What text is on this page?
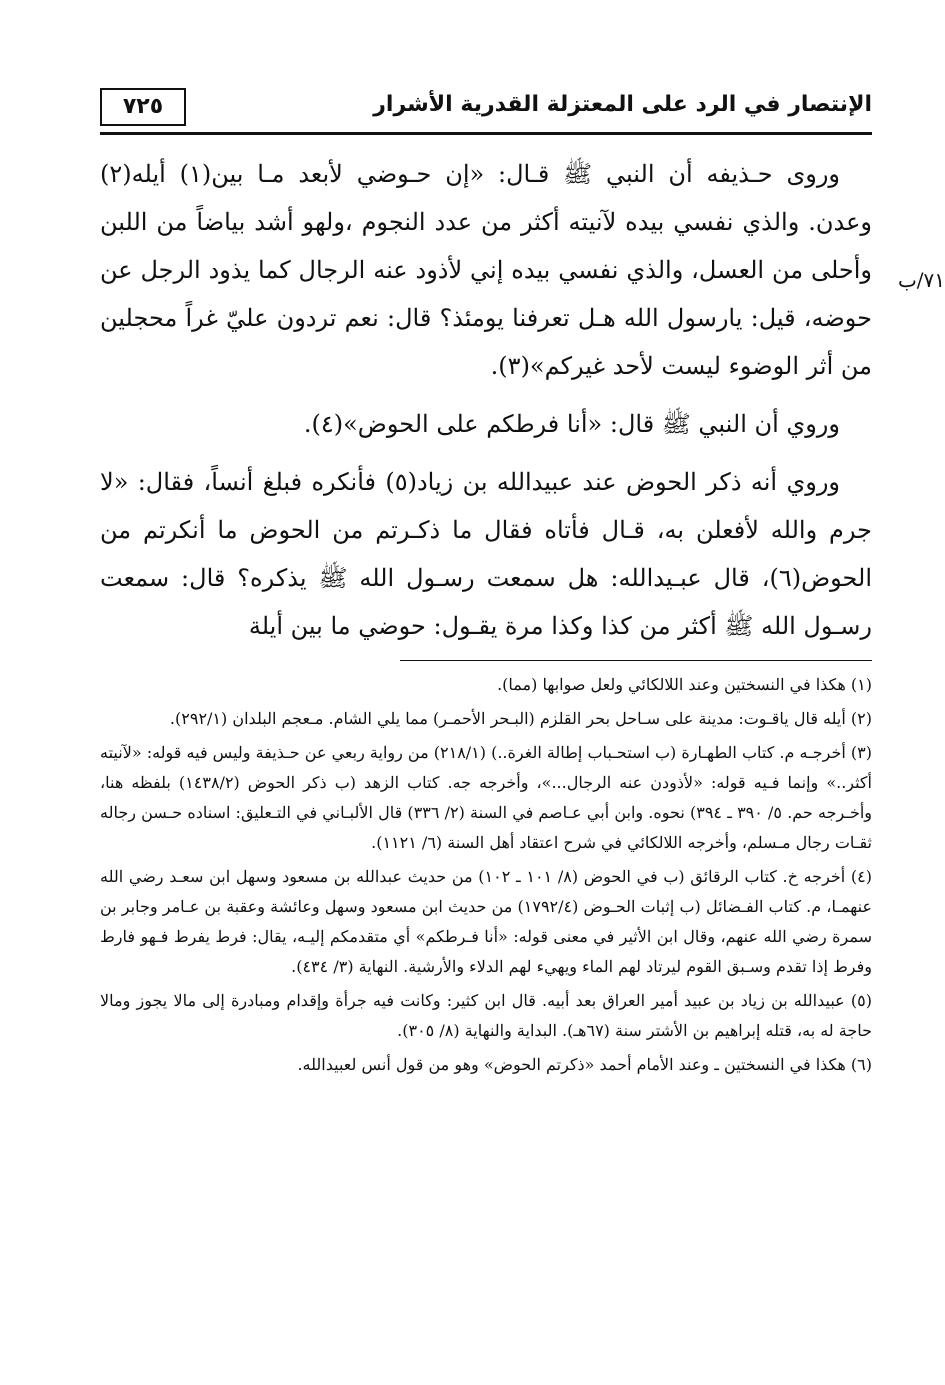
الإنتصار في الرد على المعتزلة القدرية الأشرار
٧٢٥
٧١/ب

وروى حـذيفه أن النبي ﷺ قـال: «إن حـوضي لأبعد مـا بين(١) أيله(٢) وعدن. والذي نفسي بيده لآنيته أكثر من عدد النجوم ،ولهو أشد بياضاً من اللبن وأحلى من العسل، والذي نفسي بيده إني لأذود عنه الرجال كما يذود الرجل عن حوضه، قيل: يارسول الله هـل تعرفنا يومئذ؟ قال: نعم تردون عليّ غراً محجلين من أثر الوضوء ليست لأحد غيركم»(٣).

وروي أن النبي ﷺ قال: «أنا فرطكم على الحوض»(٤).

وروي أنه ذكر الحوض عند عبيدالله بن زياد(٥) فأنكره فبلغ أنساً، فقال: «لا جرم والله لأفعلن به، قـال فأتاه فقال ما ذكـرتم من الحوض ما أنكرتم من الحوض(٦)، قال عبـيدالله: هل سمعت رسـول الله ﷺ يذكره؟ قال: سمعت رسـول الله ﷺ أكثر من كذا وكذا مرة يقـول: حوضي ما بين أيلة

(١) هكذا في النسختين وعند اللالكائي ولعل صوابها (مما).
(٢) أيله قال ياقـوت: مدينة على سـاحل بحر القلزم (البـحر الأحمـر) مما يلي الشام. مـعجم البلدان (٢٩٢/١).
(٣) أخرجـه م. كتاب الطهـارة (ب استحـباب إطالة الغرة..) (٢١٨/١) من رواية ربعي عن حـذيفة وليس فيه قوله: «لآنيته أكثر..» وإنما فـيه قوله: «لأذودن عنه الرجال...»، وأخرجه جه. كتاب الزهد (ب ذكر الحوض (١٤٣٨/٢) بلفظه هنا، وأخـرجه حم. ٥/ ٣٩٠ ـ ٣٩٤) نحوه. وابن أبي عـاصم في السنة (٢/ ٣٣٦) قال الألبـاني في التـعليق: اسناده حـسن رجاله ثقـات رجال مـسلم، وأخرجه اللالكائي في شرح اعتقاد أهل السنة (٦/ ١١٢١).
(٤) أخرجه خ. كتاب الرقائق (ب في الحوض (٨/ ١٠١ ـ ١٠٢) من حديث عبدالله بن مسعود وسهل ابن سعـد رضي الله عنهمـا، م. كتاب الفـضائل (ب إثبات الحـوض (١٧٩٢/٤) من حديث ابن مسعود وسهل وعائشة وعقبة بن عـامر وجابر بن سمرة رضي الله عنهم، وقال ابن الأثير في معنى قوله: «أنا فـرطكم» أي متقدمكم إليـه، يقال: فرط يفرط فـهو فارط وفرط إذا تقدم وسـبق القوم ليرتاد لهم الماء ويهيء لهم الدلاء والأرشية. النهاية (٣/ ٤٣٤).
(٥) عبيدالله بن زياد بن عبيد أمير العراق بعد أبيه. قال ابن كثير: وكانت فيه جرأة وإقدام ومبادرة إلى مالا يجوز ومالا حاجة له به، قتله إبراهيم بن الأشتر سنة (٦٧هـ). البداية والنهاية (٨/ ٣٠٥).
(٦) هكذا في النسختين ـ وعند الأمام أحمد «ذكرتم الحوض» وهو من قول أنس لعبيدالله.
